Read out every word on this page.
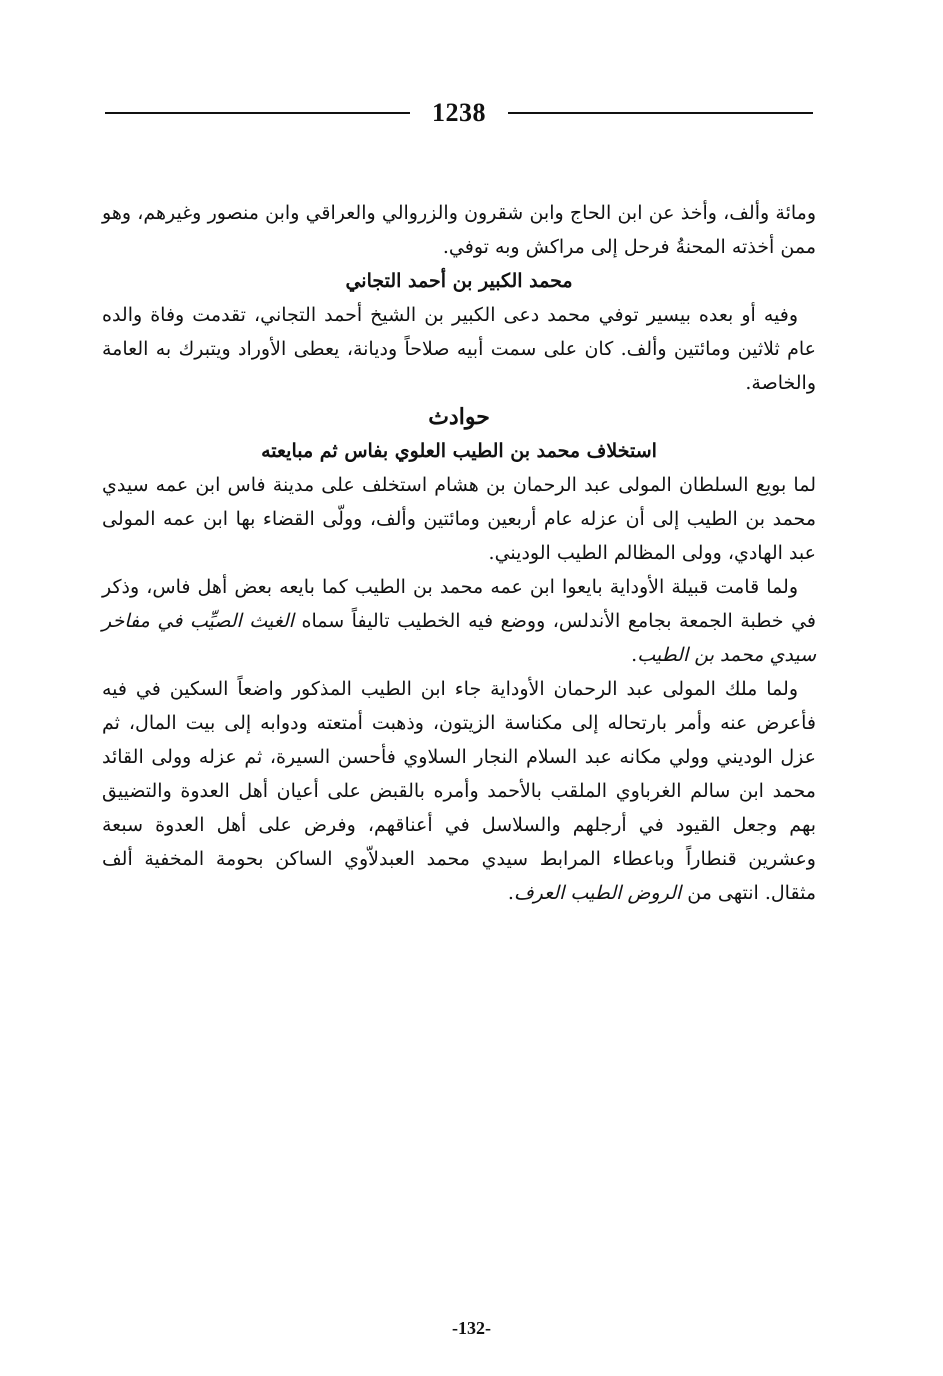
1238

ومائة وألف، وأخذ عن ابن الحاج وابن شقرون والزروالي والعراقي وابن منصور وغيرهم، وهو ممن أخذته المحنةُ فرحل إلى مراكش وبه توفي.

محمد الكبير بن أحمد التجاني

وفيه أو بعده بيسير توفي محمد دعى الكبير بن الشيخ أحمد التجاني، تقدمت وفاة والده عام ثلاثين ومائتين وألف. كان على سمت أبيه صلاحاً وديانة، يعطى الأوراد ويتبرك به العامة والخاصة.

حوادث

استخلاف محمد بن الطيب العلوي بفاس ثم مبايعته

لما بويع السلطان المولى عبد الرحمان بن هشام استخلف على مدينة فاس ابن عمه سيدي محمد بن الطيب إلى أن عزله عام أربعين ومائتين وألف، وولّى القضاء بها ابن عمه المولى عبد الهادي، وولى المظالم الطيب الوديني.

ولما قامت قبيلة الأوداية بايعوا ابن عمه محمد بن الطيب كما بايعه بعض أهل فاس، وذكر في خطبة الجمعة بجامع الأندلس، ووضع فيه الخطيب تاليفاً سماه الغيث الصيِّب في مفاخر سيدي محمد بن الطيب.

ولما ملك المولى عبد الرحمان الأوداية جاء ابن الطيب المذكور واضعاً السكين في فيه فأعرض عنه وأمر بارتحاله إلى مكناسة الزيتون، وذهبت أمتعته ودوابه إلى بيت المال، ثم عزل الوديني وولي مكانه عبد السلام النجار السلاوي فأحسن السيرة، ثم عزله وولى القائد محمد ابن سالم الغرباوي الملقب بالأحمد وأمره بالقبض على أعيان أهل العدوة والتضييق بهم وجعل القيود في أرجلهم والسلاسل في أعناقهم، وفرض على أهل العدوة سبعة وعشرين قنطاراً وباعطاء المرابط سيدي محمد العبدلاّوي الساكن بحومة المخفية ألف مثقال. انتهى من الروض الطيب العرف.

-132-
